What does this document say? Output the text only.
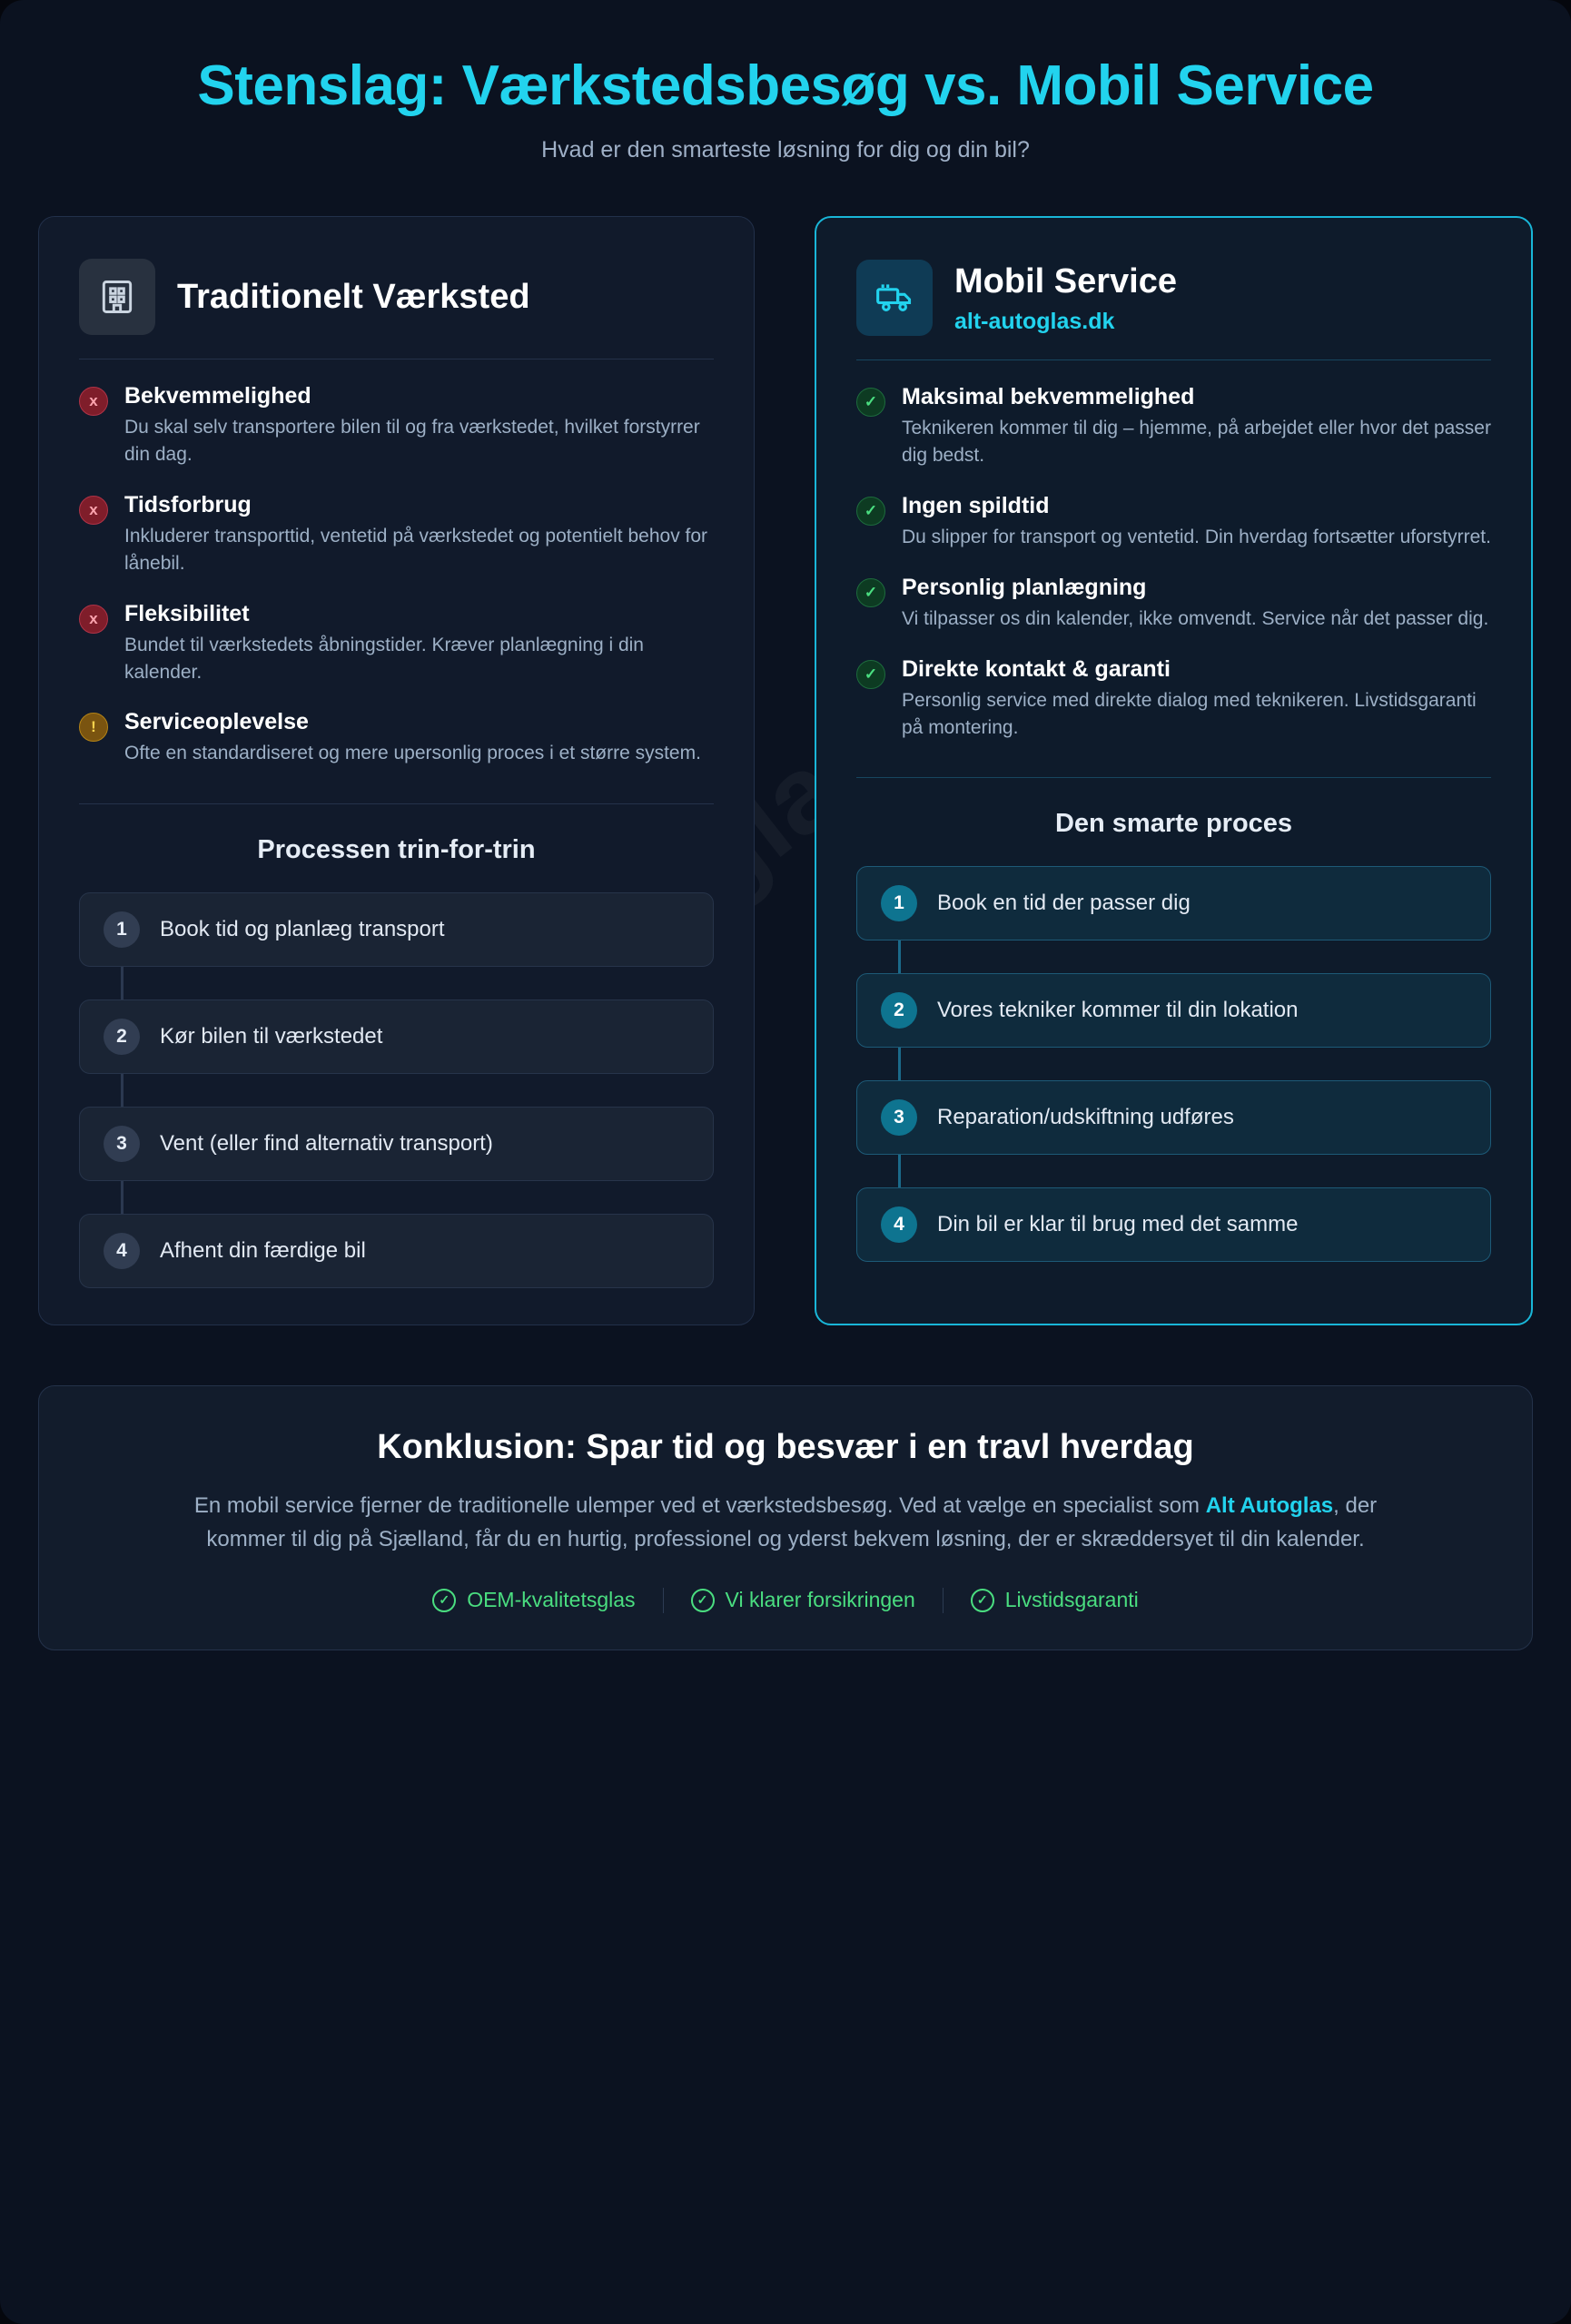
Stenslag: Værkstedsbesøg vs. Mobil Service
Hvad er den smarteste løsning for dig og din bil?
Traditionelt Værksted
x	Bekvemmelighed
Du skal selv transportere bilen til og fra værkstedet, hvilket forstyrrer din dag.
x	Tidsforbrug
Inkluderer transporttid, ventetid på værkstedet og potentielt behov for lånebil.
x	Fleksibilitet
Bundet til værkstedets åbningstider. Kræver planlægning i din kalender.
!	Serviceoplevelse
Ofte en standardiseret og mere upersonlig proces i et større system.
Processen trin-for-trin
1	Book tid og planlæg transport
2	Kør bilen til værkstedet
3	Vent (eller find alternativ transport)
4	Afhent din færdige bil
Mobil Service
alt-autoglas.dk
✓	Maksimal bekvemmelighed
Teknikeren kommer til dig – hjemme, på arbejdet eller hvor det passer dig bedst.
✓	Ingen spildtid
Du slipper for transport og ventetid. Din hverdag fortsætter uforstyrret.
✓	Personlig planlægning
Vi tilpasser os din kalender, ikke omvendt. Service når det passer dig.
✓	Direkte kontakt & garanti
Personlig service med direkte dialog med teknikeren. Livstidsgaranti på montering.
Den smarte proces
1	Book en tid der passer dig
2	Vores tekniker kommer til din lokation
3	Reparation/udskiftning udføres
4	Din bil er klar til brug med det samme
Konklusion: Spar tid og besvær i en travl hverdag
En mobil service fjerner de traditionelle ulemper ved et værkstedsbesøg. Ved at vælge en specialist som Alt Autoglas, der kommer til dig på Sjælland, får du en hurtig, professionel og yderst bekvem løsning, der er skræddersyet til din kalender.
✓ OEM-kvalitetsglas	✓ Vi klarer forsikringen	✓ Livstidsgaranti
